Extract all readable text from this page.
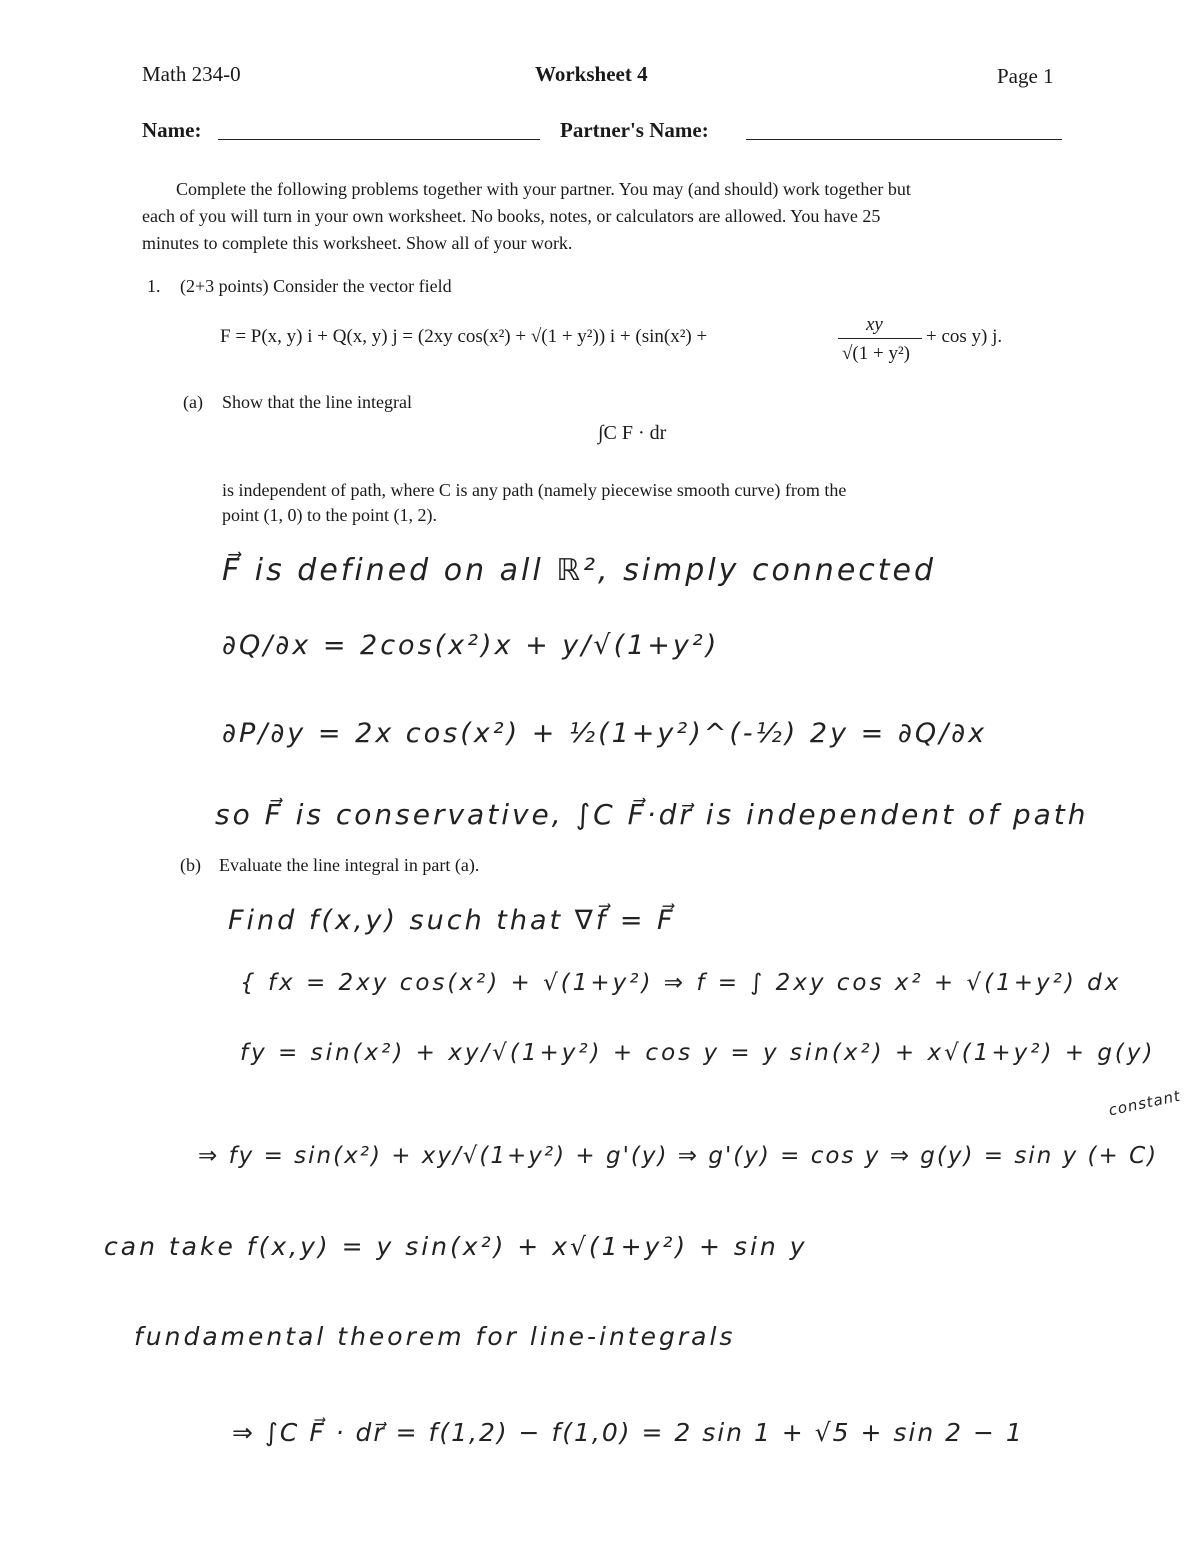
Math 234-0	Worksheet 4	Page 1
Name:	Partner's Name:
Complete the following problems together with your partner. You may (and should) work together but
each of you will turn in your own worksheet. No books, notes, or calculators are allowed. You have 25
minutes to complete this worksheet. Show all of your work.
1. (2+3 points) Consider the vector field
F = P(x, y) i + Q(x, y) j = (2xy cos(x²) + √(1 + y²)) i + (sin(x²) +
xy
√(1 + y²)
+ cos y) j.
(a) Show that the line integral
∫C F · dr
is independent of path, where C is any path (namely piecewise smooth curve) from the
point (1, 0) to the point (1, 2).
F⃗ is defined on all ℝ², simply connected
∂Q/∂x = 2cos(x²)x + y/√(1+y²)
∂P/∂y = 2x cos(x²) + ½(1+y²)^(-½) 2y = ∂Q/∂x
so F⃗ is conservative, ∫C F⃗·dr⃗ is independent of path
(b) Evaluate the line integral in part (a).
Find f(x,y) such that ∇f⃗ = F⃗
{ fx = 2xy cos(x²) + √(1+y²) ⇒ f = ∫ 2xy cos x² + √(1+y²) dx
fy = sin(x²) + xy/√(1+y²) + cos y = y sin(x²) + x√(1+y²) + g(y)
constant
⇒ fy = sin(x²) + xy/√(1+y²) + g'(y) ⇒ g'(y) = cos y ⇒ g(y) = sin y (+ C)
can take f(x,y) = y sin(x²) + x√(1+y²) + sin y
fundamental theorem for line-integrals
⇒ ∫C F⃗ · dr⃗ = f(1,2) − f(1,0) = 2 sin 1 + √5 + sin 2 − 1
